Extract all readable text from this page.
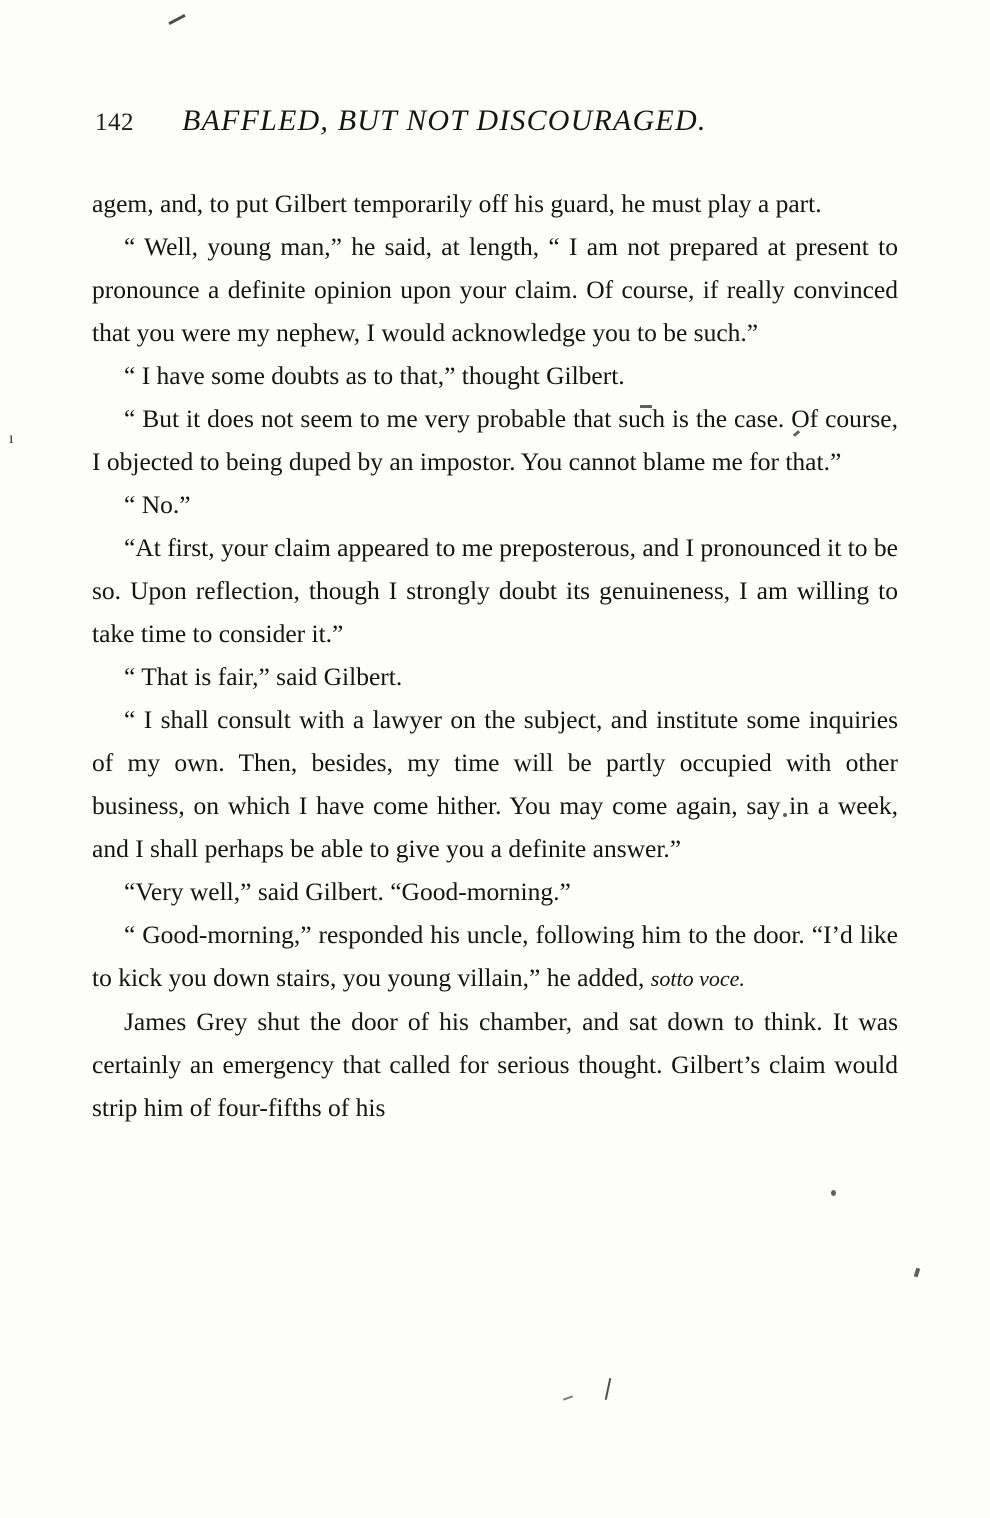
ı
142 BAFFLED, BUT NOT DISCOURAGED.

agem, and, to put Gilbert temporarily off his guard, he must play a part.

“ Well, young man,” he said, at length, “ I am not prepared at present to pronounce a definite opinion upon your claim. Of course, if really convinced that you were my nephew, I would acknowledge you to be such.”

“ I have some doubts as to that,” thought Gilbert.

“ But it does not seem to me very probable that such is the case. Of course, I objected to being duped by an impostor. You cannot blame me for that.”

“ No.”

“At first, your claim appeared to me preposterous, and I pronounced it to be so. Upon reflection, though I strongly doubt its genuineness, I am willing to take time to consider it.”

“ That is fair,” said Gilbert.

“ I shall consult with a lawyer on the subject, and institute some inquiries of my own. Then, besides, my time will be partly occupied with other business, on which I have come hither. You may come again, say in a week, and I shall perhaps be able to give you a definite answer.”

“Very well,” said Gilbert. “Good-morning.”

“ Good-morning,” responded his uncle, following him to the door. “I’d like to kick you down stairs, you young villain,” he added, sotto voce.

James Grey shut the door of his chamber, and sat down to think. It was certainly an emergency that called for serious thought. Gilbert’s claim would strip him of four-fifths of his
